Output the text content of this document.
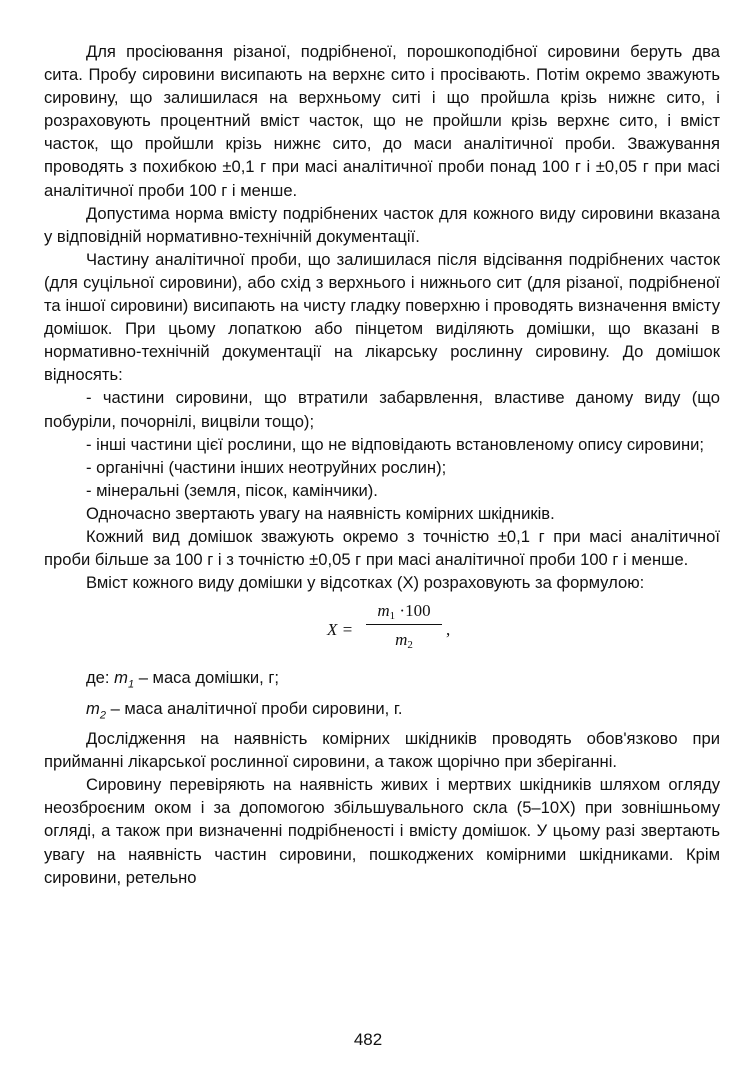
Для просіювання різаної, подрібненої, порошкоподібної сировини беруть два сита. Пробу сировини висипають на верхнє сито і просівають. Потім окремо зважують сировину, що залишилася на верхньому ситі і що пройшла крізь нижнє сито, і розраховують процентний вміст часток, що не пройшли крізь верхнє сито, і вміст часток, що пройшли крізь нижнє сито, до маси аналітичної проби. Зважування проводять з похибкою ±0,1 г при масі аналітичної проби понад 100 г і ±0,05 г при масі аналітичної проби 100 г і менше.

Допустима норма вмісту подрібнених часток для кожного виду сировини вказана у відповідній нормативно-технічній документації.

Частину аналітичної проби, що залишилася після відсівання подрібнених часток (для суцільної сировини), або схід з верхнього і нижнього сит (для різаної, подрібненої та іншої сировини) висипають на чисту гладку поверхню і проводять визначення вмісту домішок. При цьому лопаткою або пінцетом виділяють домішки, що вказані в нормативно-технічній документації на лікарську рослинну сировину. До домішок відносять:

- частини сировини, що втратили забарвлення, властиве даному виду (що побуріли, почорнілі, вицвіли тощо);

- інші частини цієї рослини, що не відповідають встановленому опису сировини;

- органічні (частини інших неотруйних рослин);

- мінеральні (земля, пісок, камінчики).

Одночасно звертають увагу на наявність комірних шкідників.

Кожний вид домішок зважують окремо з точністю ±0,1 г при масі аналітичної проби більше за 100 г і з точністю ±0,05 г при масі аналітичної проби 100 г і менше.

Вміст кожного виду домішки у відсотках (X) розраховують за формулою:

$X = \frac{m_1 \cdot 100}{m_2}$ ,

де: $m_1$ – маса домішки, г;

$m_2$ – маса аналітичної проби сировини, г.

Дослідження на наявність комірних шкідників проводять обов'язково при прийманні лікарської рослинної сировини, а також щорічно при зберіганні.

Сировину перевіряють на наявність живих і мертвих шкідників шляхом огляду неозброєним оком і за допомогою збільшувального скла (5–10X) при зовнішньому огляді, а також при визначенні подрібненості і вмісту домішок. У цьому разі звертають увагу на наявність частин сировини, пошкоджених комірними шкідниками. Крім сировини, ретельно

482
